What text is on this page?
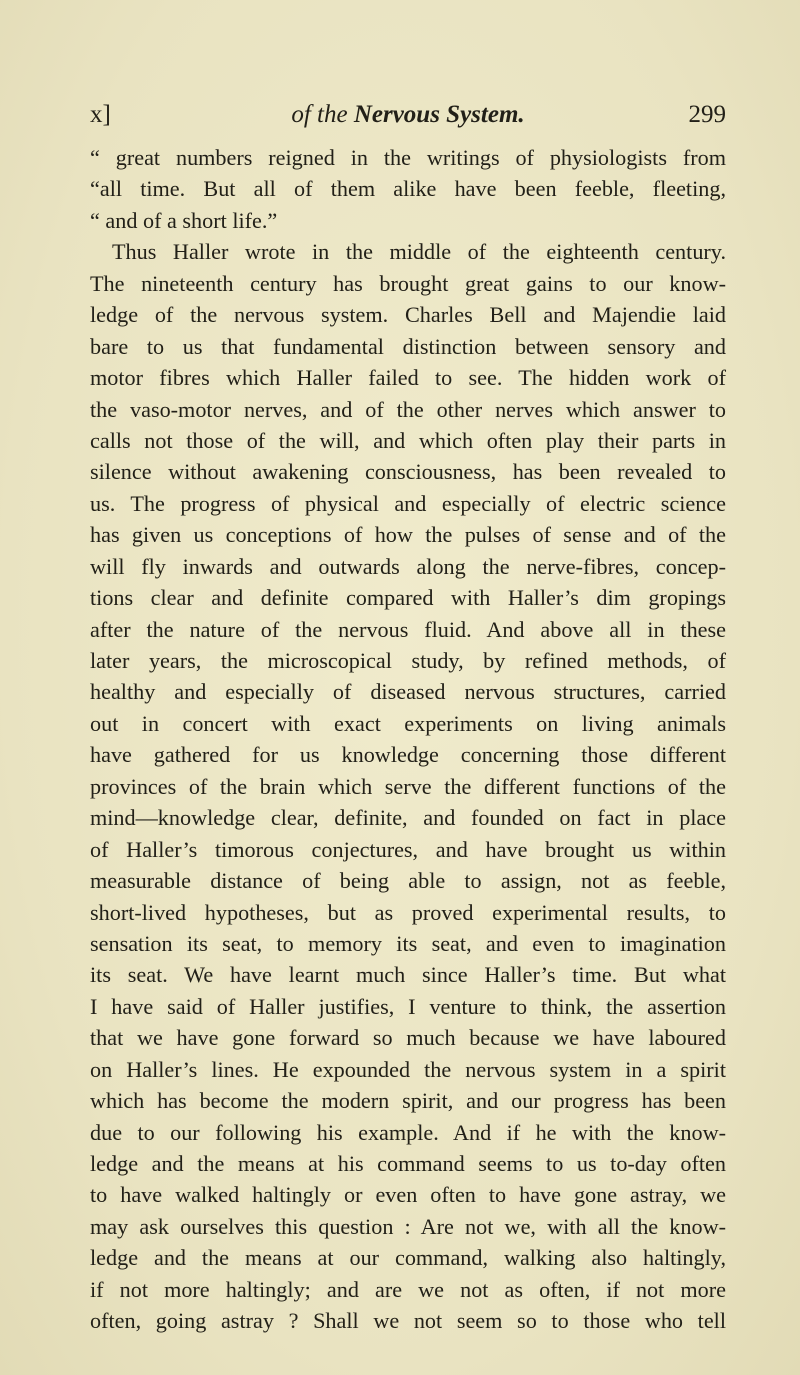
x]	of the Nervous System.	299
“ great numbers reigned in the writings of physiologists from
“all time. But all of them alike have been feeble, fleeting,
“ and of a short life.”
Thus Haller wrote in the middle of the eighteenth century.
The nineteenth century has brought great gains to our know-
ledge of the nervous system. Charles Bell and Majendie laid
bare to us that fundamental distinction between sensory and
motor fibres which Haller failed to see. The hidden work of
the vaso-motor nerves, and of the other nerves which answer to
calls not those of the will, and which often play their parts in
silence without awakening consciousness, has been revealed to
us. The progress of physical and especially of electric science
has given us conceptions of how the pulses of sense and of the
will fly inwards and outwards along the nerve-fibres, concep-
tions clear and definite compared with Haller’s dim gropings
after the nature of the nervous fluid. And above all in these
later years, the microscopical study, by refined methods, of
healthy and especially of diseased nervous structures, carried
out in concert with exact experiments on living animals
have gathered for us knowledge concerning those different
provinces of the brain which serve the different functions of the
mind—knowledge clear, definite, and founded on fact in place
of Haller’s timorous conjectures, and have brought us within
measurable distance of being able to assign, not as feeble,
short-lived hypotheses, but as proved experimental results, to
sensation its seat, to memory its seat, and even to imagination
its seat. We have learnt much since Haller’s time. But what
I have said of Haller justifies, I venture to think, the assertion
that we have gone forward so much because we have laboured
on Haller’s lines. He expounded the nervous system in a spirit
which has become the modern spirit, and our progress has been
due to our following his example. And if he with the know-
ledge and the means at his command seems to us to-day often
to have walked haltingly or even often to have gone astray, we
may ask ourselves this question : Are not we, with all the know-
ledge and the means at our command, walking also haltingly,
if not more haltingly; and are we not as often, if not more
often, going astray ? Shall we not seem so to those who tell
